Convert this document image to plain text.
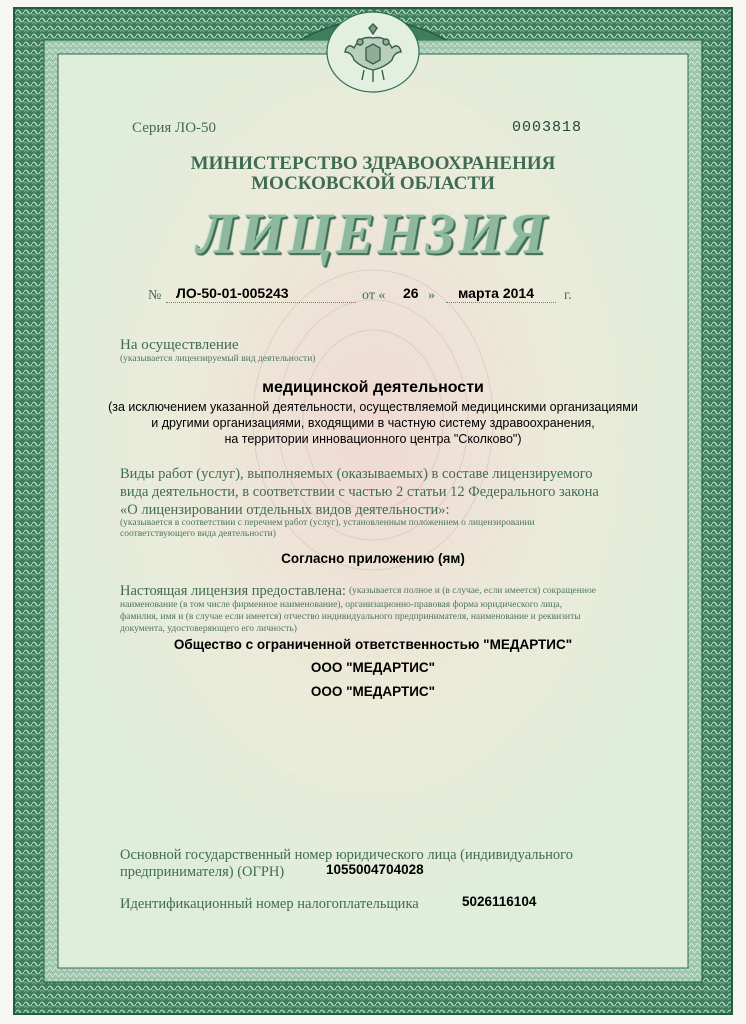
Серия ЛО-50	0003818
МИНИСТЕРСТВО ЗДРАВООХРАНЕНИЯ
МОСКОВСКОЙ ОБЛАСТИ
ЛИЦЕНЗИЯ
№ ЛО-50-01-005243	от « 26 » марта 2014 г.
На осуществление
(указывается лицензируемый вид деятельности)
медицинской деятельности
(за исключением указанной деятельности, осуществляемой медицинскими организациями
и другими организациями, входящими в частную систему здравоохранения,
на территории инновационного центра "Сколково")
Виды работ (услуг), выполняемых (оказываемых) в составе лицензируемого
вида деятельности, в соответствии с частью 2 статьи 12 Федерального закона
«О лицензировании отдельных видов деятельности»:
(указывается в соответствии с перечнем работ (услуг), установленным положением о лицензировании
соответствующего вида деятельности)
Согласно приложению (ям)
Настоящая лицензия предоставлена: (указывается полное и (в случае, если имеется) сокращенное
наименование (в том числе фирменное наименование), организационно-правовая форма юридического лица,
фамилия, имя и (в случае если имеется) отчество индивидуального предпринимателя, наименование и реквизиты
документа, удостоверяющего его личность)
Общество с ограниченной ответственностью "МЕДАРТИС"
ООО "МЕДАРТИС"
ООО "МЕДАРТИС"
Основной государственный номер юридического лица (индивидуального
предпринимателя) (ОГРН)	1055004704028
Идентификационный номер налогоплательщика	5026116104
